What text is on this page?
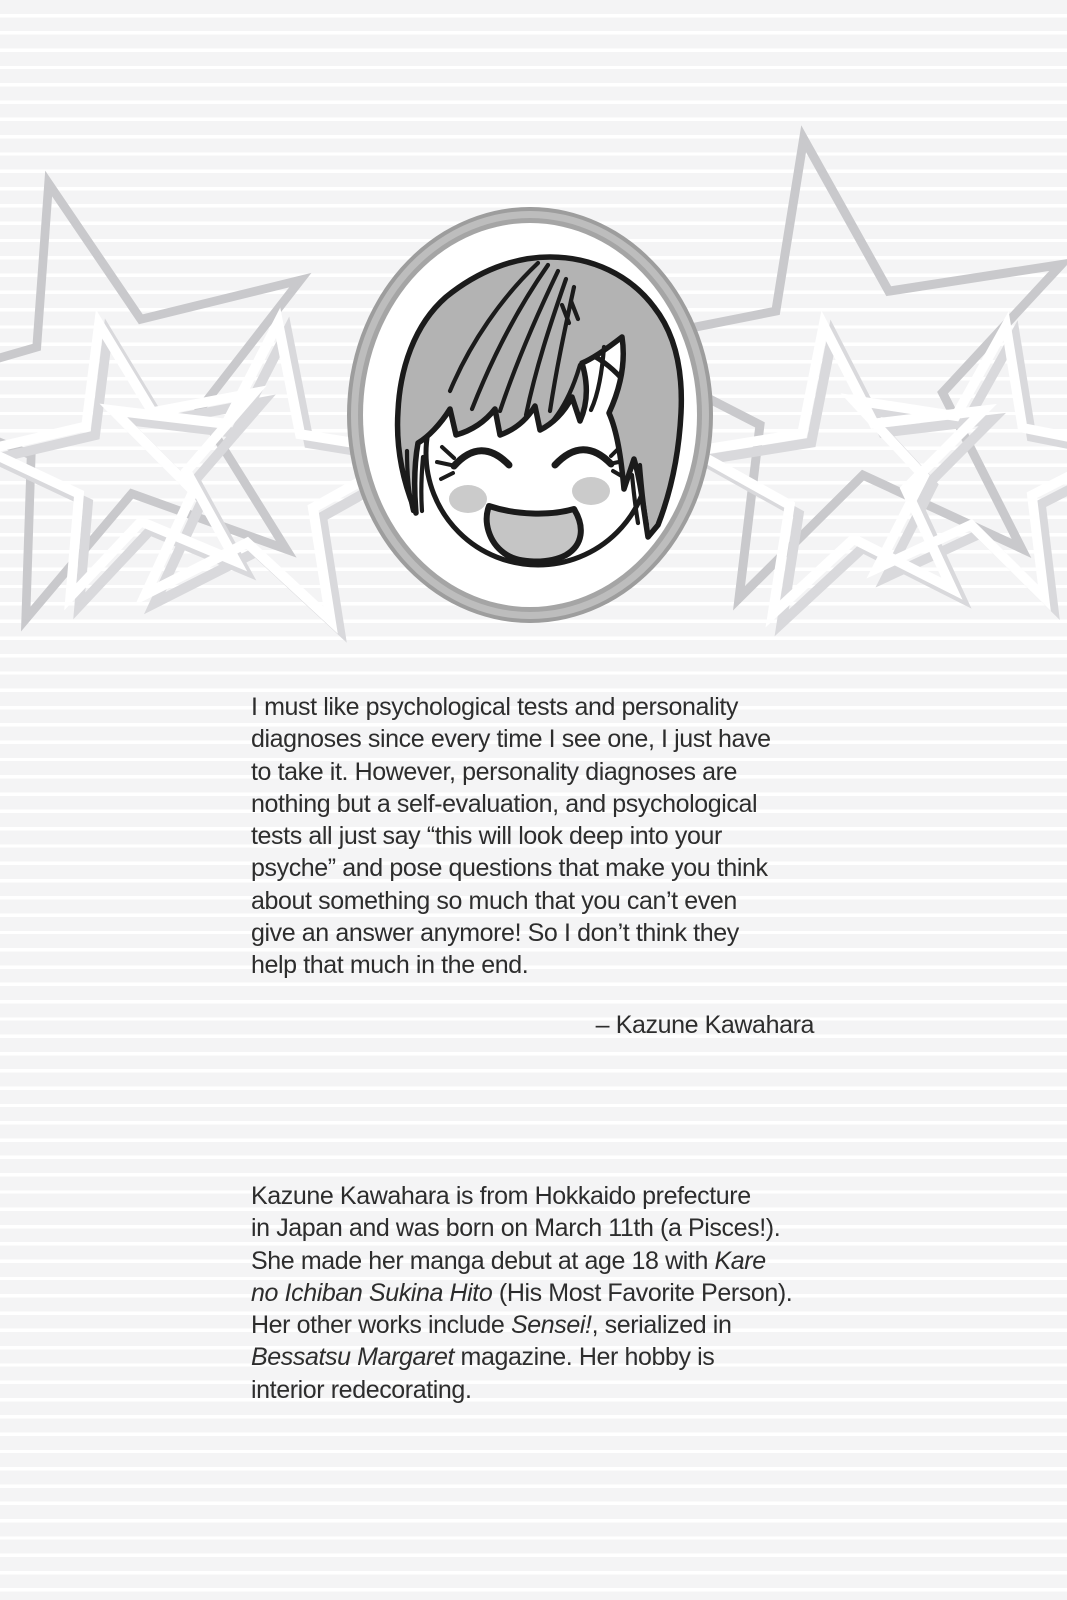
I must like psychological tests and personality
diagnoses since every time I see one, I just have
to take it. However, personality diagnoses are
nothing but a self-evaluation, and psychological
tests all just say “this will look deep into your
psyche” and pose questions that make you think
about something so much that you can’t even
give an answer anymore! So I don’t think they
help that much in the end.
– Kazune Kawahara
Kazune Kawahara is from Hokkaido prefecture
in Japan and was born on March 11th (a Pisces!).
She made her manga debut at age 18 with Kare
no Ichiban Sukina Hito (His Most Favorite Person).
Her other works include Sensei!, serialized in
Bessatsu Margaret magazine. Her hobby is
interior redecorating.
